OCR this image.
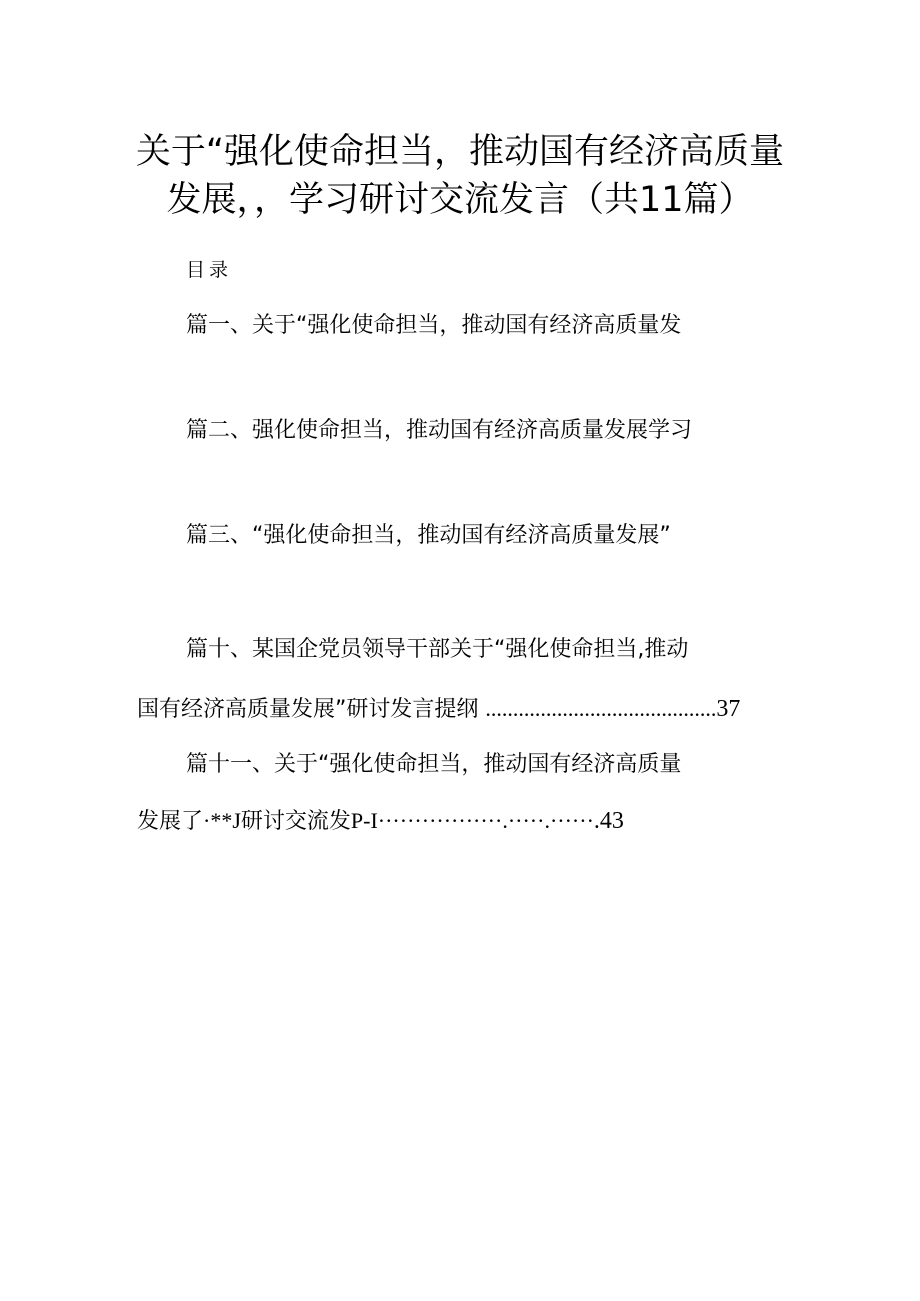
关于“强化使命担当，推动国有经济高质量
发展，，学习研讨交流发言（共11篇）
目录
篇一、关于“强化使命担当，推动国有经济高质量发
篇二、强化使命担当，推动国有经济高质量发展学习
篇三、“强化使命担当，推动国有经济高质量发展”
篇十、某国企党员领导干部关于“强化使命担当,推动
国有经济高质量发展”研讨发言提纲 ..........................................37
篇十一、关于“强化使命担当，推动国有经济高质量
发展了·**J研讨交流发P-I·················.·····.······.43
